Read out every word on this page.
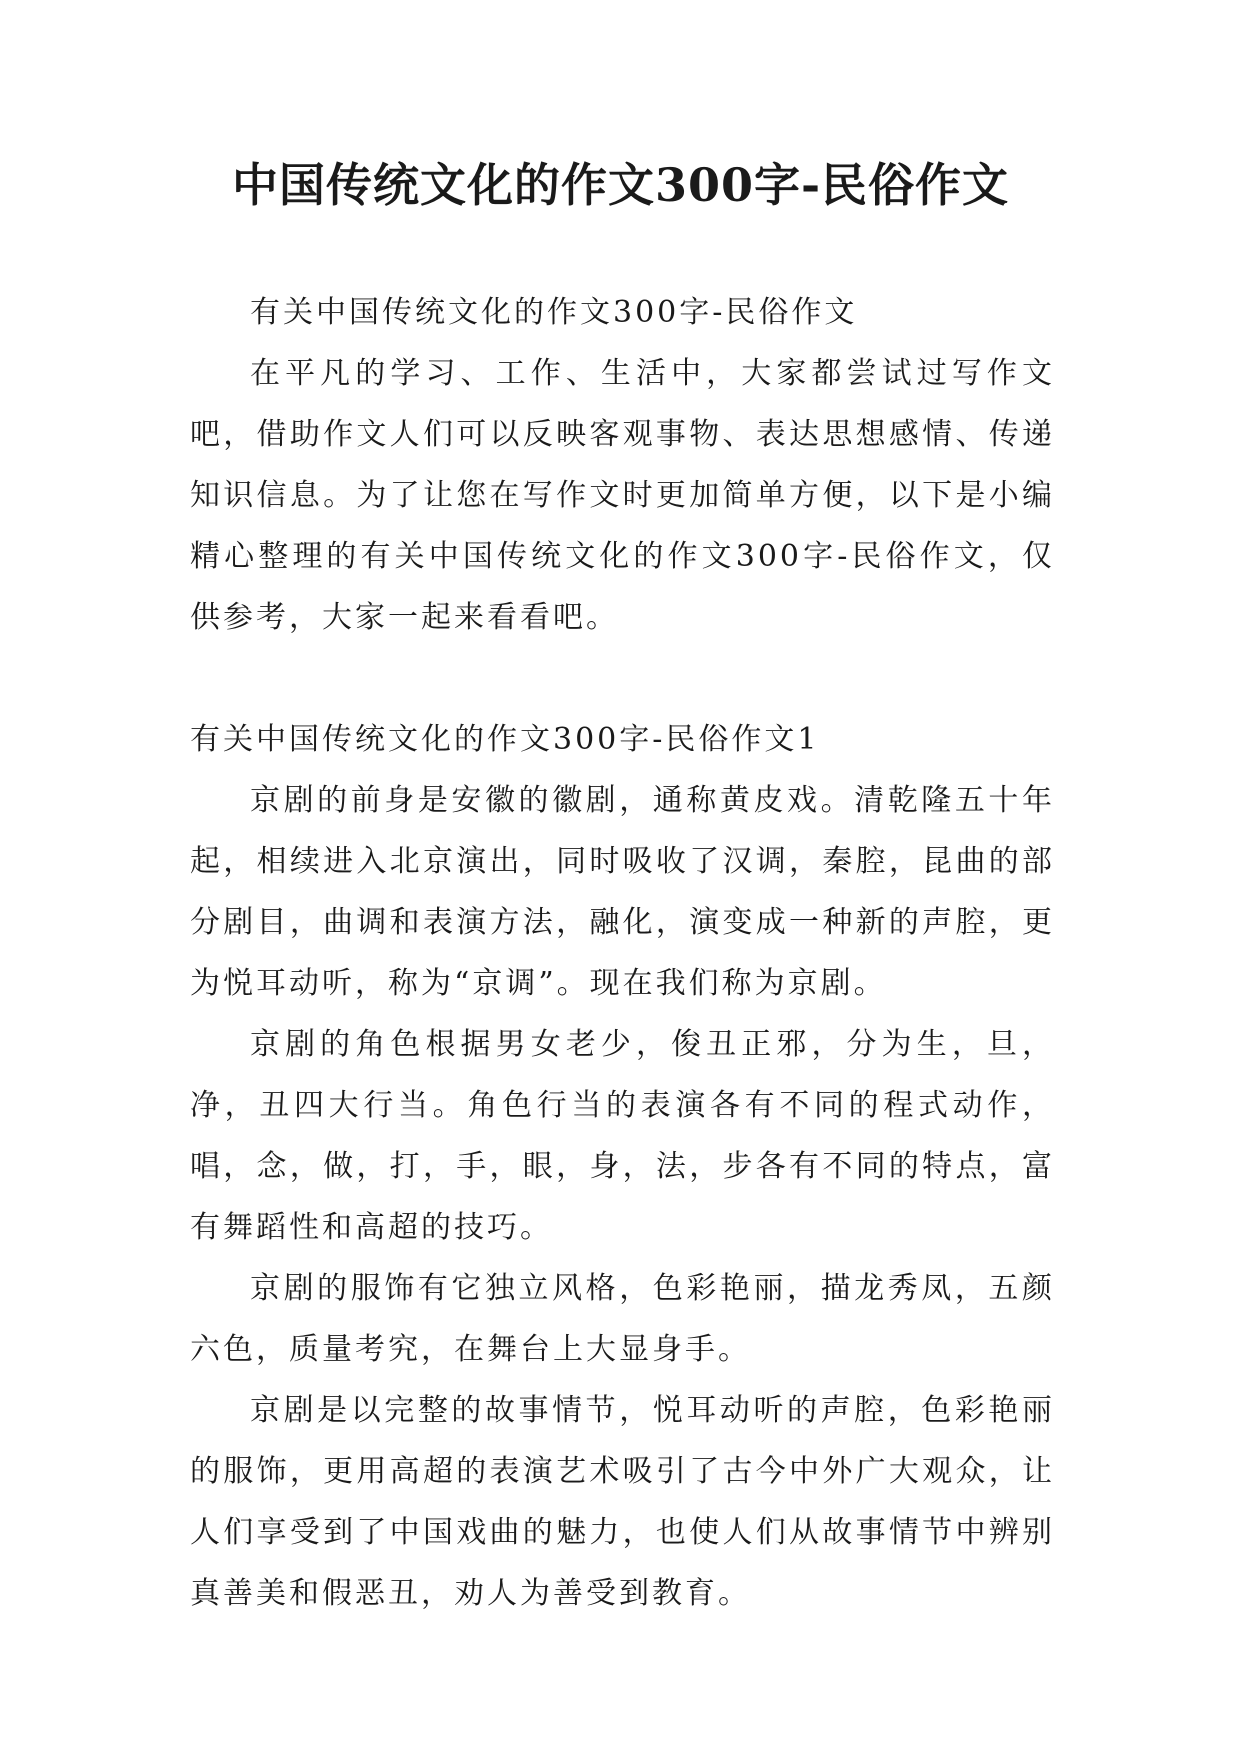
中国传统文化的作文300字-民俗作文

有关中国传统文化的作文300字-民俗作文

在平凡的学习、工作、生活中，大家都尝试过写作文吧，借助作文人们可以反映客观事物、表达思想感情、传递知识信息。为了让您在写作文时更加简单方便，以下是小编精心整理的有关中国传统文化的作文300字-民俗作文，仅供参考，大家一起来看看吧。

有关中国传统文化的作文300字-民俗作文1

京剧的前身是安徽的徽剧，通称黄皮戏。清乾隆五十年起，相续进入北京演出，同时吸收了汉调，秦腔，昆曲的部分剧目，曲调和表演方法，融化，演变成一种新的声腔，更为悦耳动听，称为“京调”。现在我们称为京剧。

京剧的角色根据男女老少，俊丑正邪，分为生，旦，净，丑四大行当。角色行当的表演各有不同的程式动作，唱，念，做，打，手，眼，身，法，步各有不同的特点，富有舞蹈性和高超的技巧。

京剧的服饰有它独立风格，色彩艳丽，描龙秀凤，五颜六色，质量考究，在舞台上大显身手。

京剧是以完整的故事情节，悦耳动听的声腔，色彩艳丽的服饰，更用高超的表演艺术吸引了古今中外广大观众，让人们享受到了中国戏曲的魅力，也使人们从故事情节中辨别真善美和假恶丑，劝人为善受到教育。
